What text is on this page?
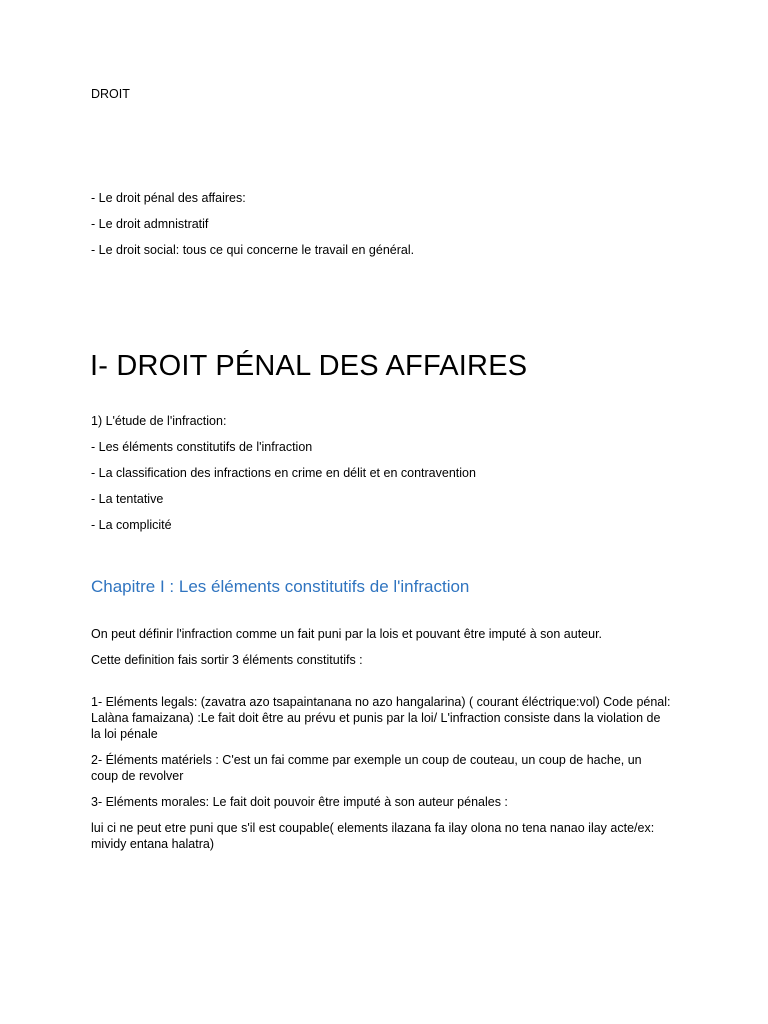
DROIT

- Le droit pénal des affaires:

- Le droit admnistratif

- Le droit social: tous ce qui concerne le travail en général.

I- DROIT PÉNAL DES AFFAIRES

1) L'étude de l'infraction:

- Les éléments constitutifs de l'infraction

- La classification des infractions en crime en délit et en contravention

- La tentative

- La complicité

Chapitre I : Les éléments constitutifs de l'infraction

On peut définir l'infraction comme un fait puni par la lois et pouvant être imputé à son auteur.

Cette definition fais sortir 3 éléments constitutifs :

1- Eléments legals: (zavatra azo tsapaintanana no azo hangalarina) ( courant éléctrique:vol) Code pénal: Lalàna famaizana) :Le fait doit être au prévu et punis par la loi/ L'infraction consiste dans la violation de la loi pénale

2- Éléments matériels : C'est un fai comme par exemple un coup de couteau, un coup de hache, un coup de revolver

3- Eléments morales: Le fait doit pouvoir être imputé à son auteur pénales :

lui ci ne peut etre puni que s'il est coupable( elements ilazana fa ilay olona no tena nanao ilay acte/ex: mividy entana halatra)
